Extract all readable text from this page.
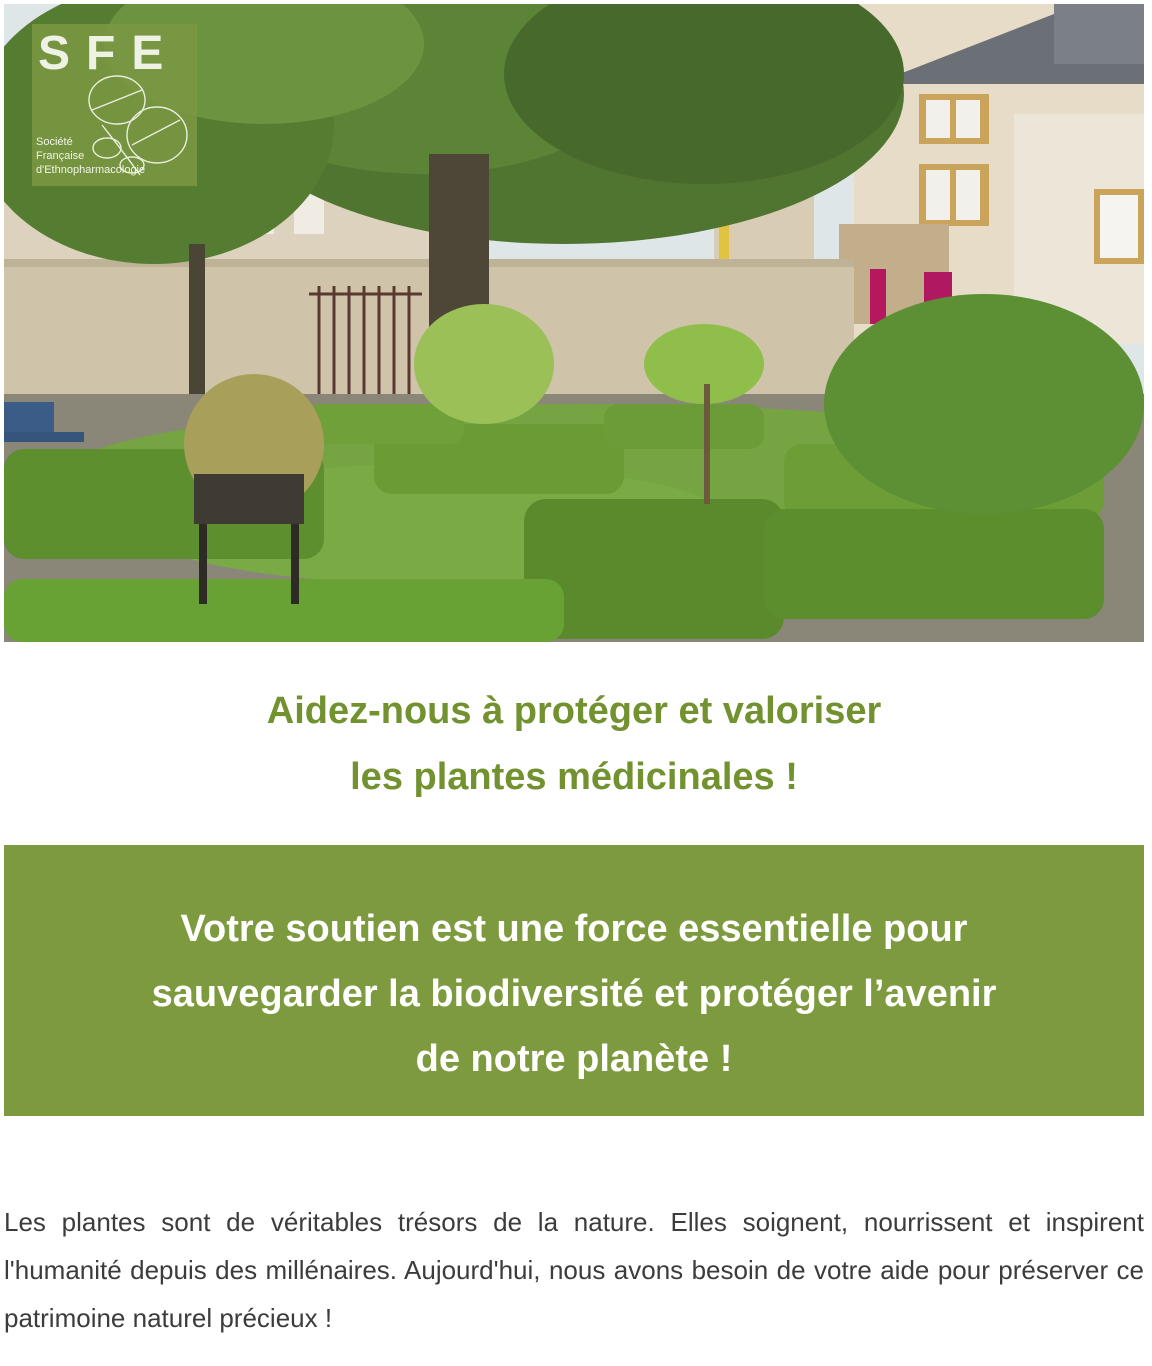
SFE
Société
Française
d'Ethnopharmacologie
Aidez-nous à protéger et valoriser
les plantes médicinales !
Votre soutien est une force essentielle pour
sauvegarder la biodiversité et protéger l’avenir
de notre planète !

Les plantes sont de véritables trésors de la nature. Elles soignent, nourrissent et inspirent l'humanité depuis des millénaires. Aujourd'hui, nous avons besoin de votre aide pour préserver ce patrimoine naturel précieux !
